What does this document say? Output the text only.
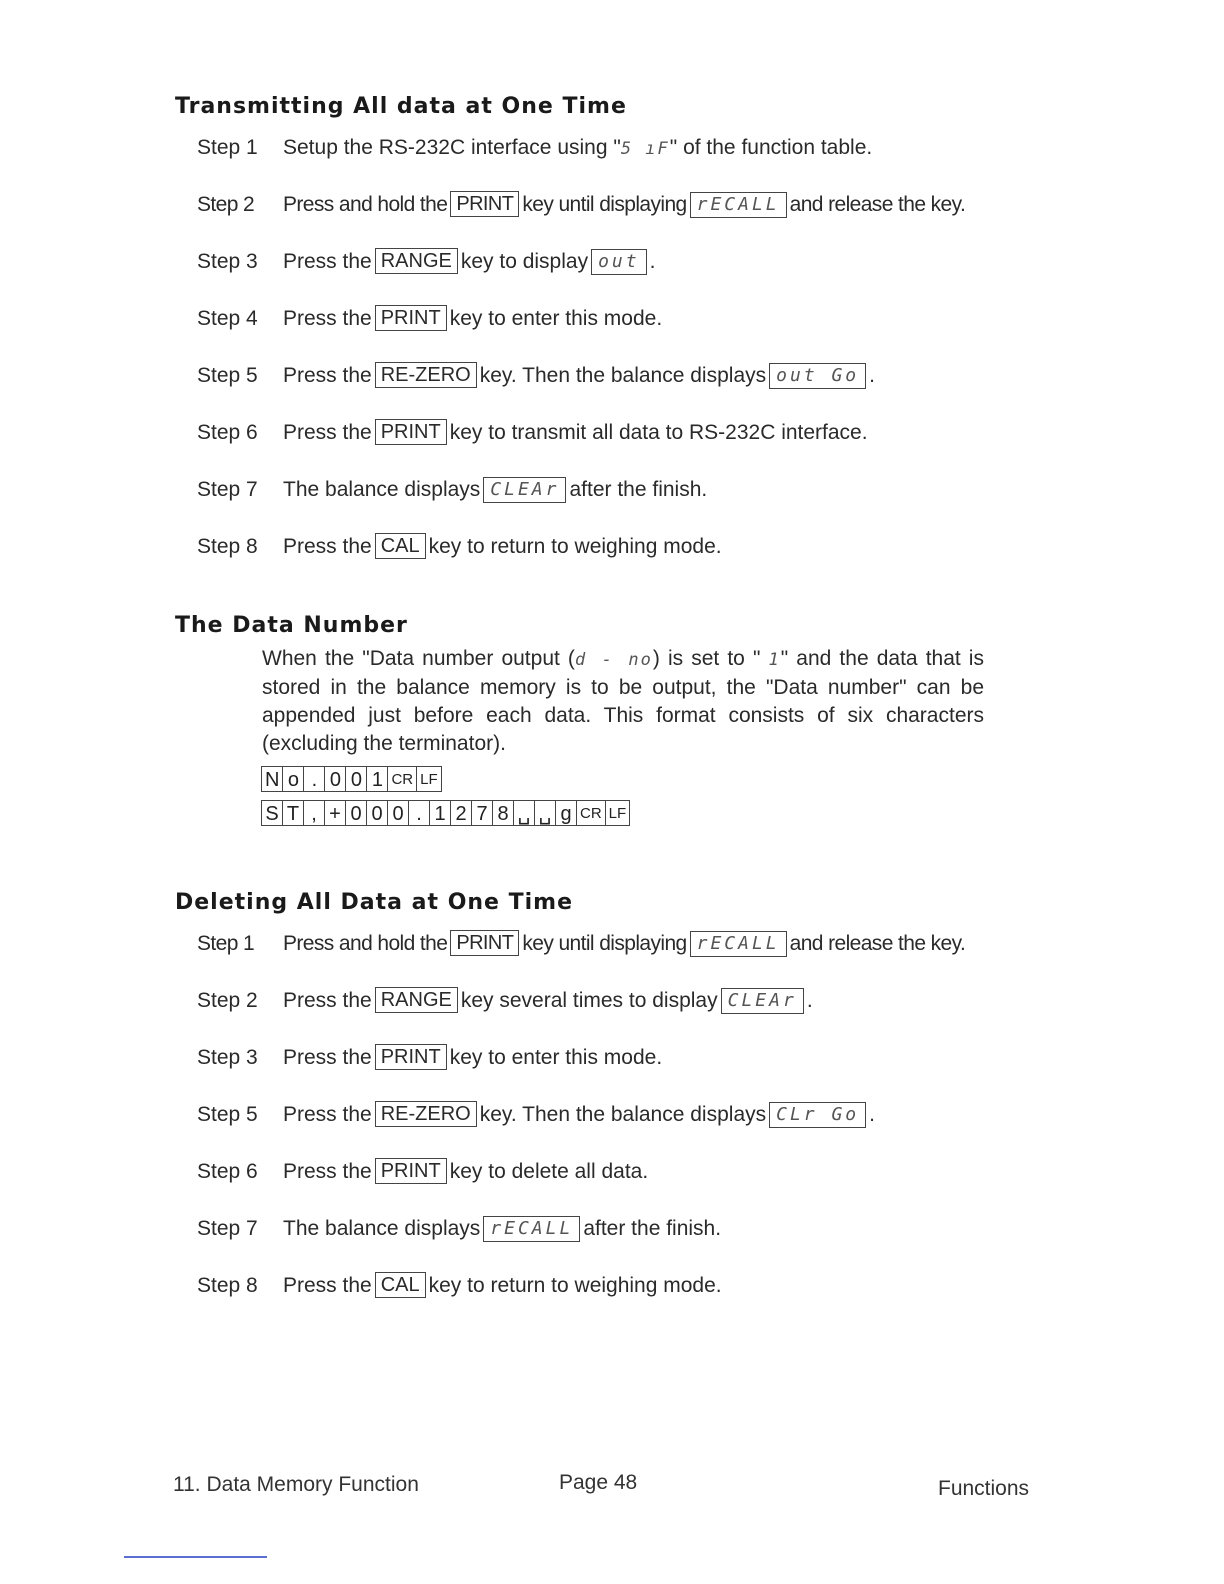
Transmitting All data at One Time
Step 1 Setup the RS-232C interface using "5 ıF" of the function table.
Step 2 Press and hold the PRINT key until displaying rECALL and release the key.
Step 3 Press the RANGE key to display out .
Step 4 Press the PRINT key to enter this mode.
Step 5 Press the RE-ZERO key. Then the balance displays out Go .
Step 6 Press the PRINT key to transmit all data to RS-232C interface.
Step 7 The balance displays CLEAr after the finish.
Step 8 Press the CAL key to return to weighing mode.
The Data Number

When the "Data number output (d - no) is set to " 1" and the data that is stored in the balance memory is to be output, the "Data number" can be appended just before each data. This format consists of six characters (excluding the terminator).

N o . 0 0 1 CR LF
S T , + 0 0 0 . 1 2 7 8 ␣ ␣ g CR LF
Deleting All Data at One Time
Step 1 Press and hold the PRINT key until displaying rECALL and release the key.
Step 2 Press the RANGE key several times to display CLEAr .
Step 3 Press the PRINT key to enter this mode.
Step 5 Press the RE-ZERO key. Then the balance displays CLr Go .
Step 6 Press the PRINT key to delete all data.
Step 7 The balance displays rECALL after the finish.
Step 8 Press the CAL key to return to weighing mode.
11. Data Memory Function	Page 48	Functions
